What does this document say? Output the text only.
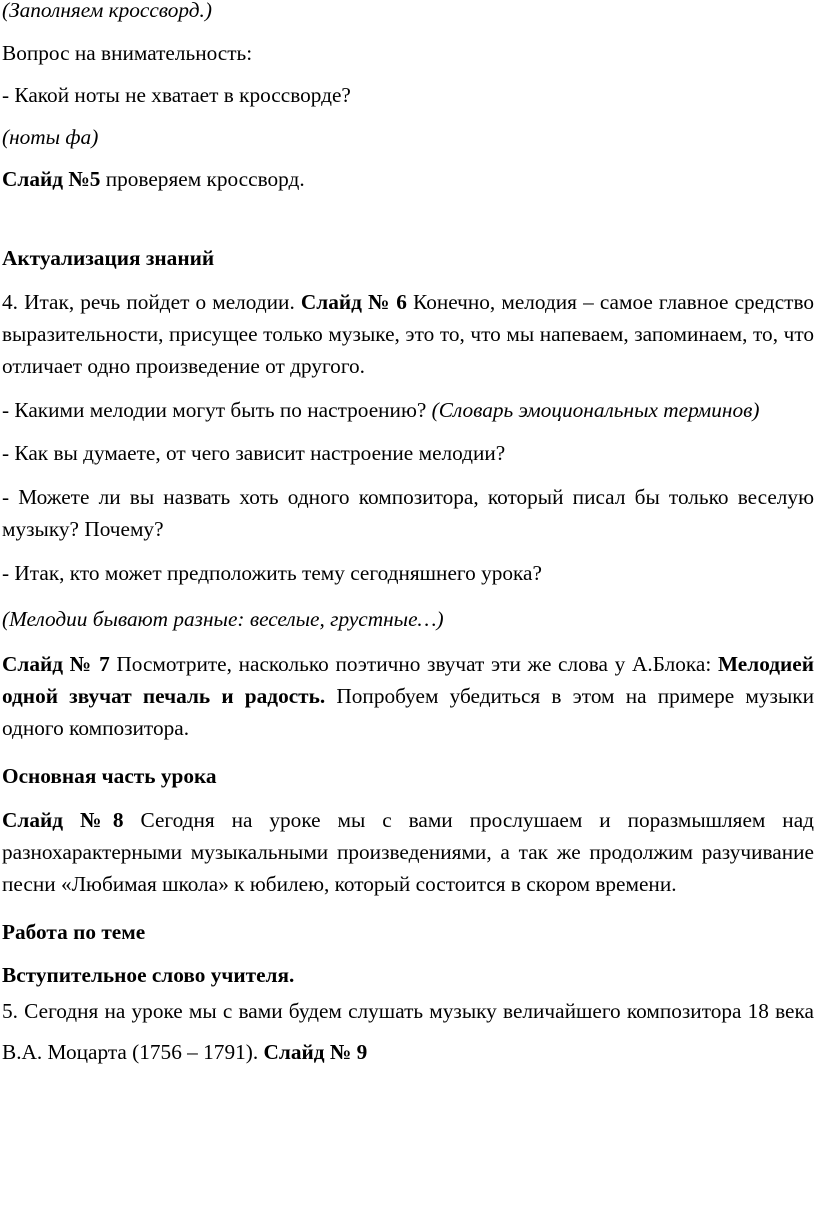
(Заполняем кроссворд.)

Вопрос на внимательность:

- Какой ноты не хватает в кроссворде?

(ноты фа)

Слайд №5 проверяем кроссворд.

Актуализация знаний

4. Итак, речь пойдет о мелодии. Слайд № 6 Конечно, мелодия – самое главное средство выразительности, присущее только музыке, это то, что мы напеваем, запоминаем, то, что отличает одно произведение от другого.

- Какими мелодии могут быть по настроению? (Словарь эмоциональных терминов)

- Как вы думаете, от чего зависит настроение мелодии?

- Можете ли вы назвать хоть одного композитора, который писал бы только веселую музыку? Почему?

- Итак, кто может предположить тему сегодняшнего урока?

(Мелодии бывают разные: веселые, грустные…)

Слайд № 7 Посмотрите, насколько поэтично звучат эти же слова у А.Блока: Мелодией одной звучат печаль и радость. Попробуем убедиться в этом на примере музыки одного композитора.

Основная часть урока

Слайд №8 Сегодня на уроке мы с вами прослушаем и поразмышляем над разнохарактерными музыкальными произведениями, а так же продолжим разучивание песни «Любимая школа» к юбилею, который состоится в скором времени.

Работа по теме

Вступительное слово учителя.

5. Сегодня на уроке мы с вами будем слушать музыку величайшего композитора 18 века В.А. Моцарта (1756 – 1791). Слайд № 9
